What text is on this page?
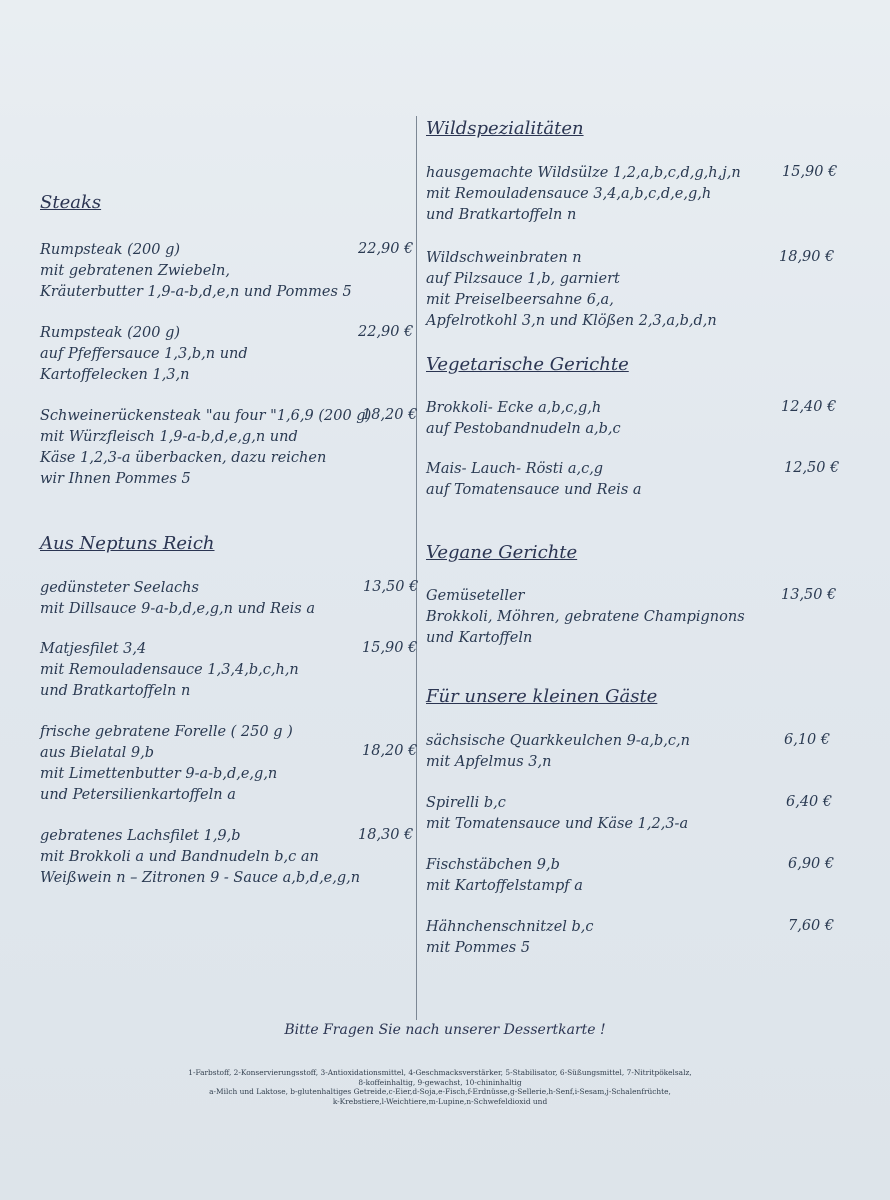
Steaks
Rumpsteak (200 g)
mit gebratenen Zwiebeln,
Kräuterbutter 1,9-a-b,d,e,n und Pommes 5
22,90 €
Rumpsteak (200 g)
auf Pfeffersauce 1,3,b,n und
Kartoffelecken 1,3,n
22,90 €
Schweinerückensteak "au four "1,6,9 (200 g)
mit Würzfleisch 1,9-a-b,d,e,g,n und
Käse 1,2,3-a überbacken, dazu reichen
wir Ihnen Pommes 5
18,20 €
Aus Neptuns Reich
gedünsteter Seelachs
mit Dillsauce 9-a-b,d,e,g,n und Reis a
13,50 €
Matjesfilet 3,4
mit Remouladensauce 1,3,4,b,c,h,n
und Bratkartoffeln n
15,90 €
frische gebratene Forelle ( 250 g )
aus Bielatal 9,b
mit Limettenbutter 9-a-b,d,e,g,n
und Petersilienkartoffeln a
18,20 €
gebratenes Lachsfilet 1,9,b
mit Brokkoli a und Bandnudeln b,c an
Weißwein n – Zitronen 9 - Sauce a,b,d,e,g,n
18,30 €
Wildspezialitäten
hausgemachte Wildsülze 1,2,a,b,c,d,g,h,j,n
mit Remouladensauce 3,4,a,b,c,d,e,g,h
und Bratkartoffeln n
15,90 €
Wildschweinbraten n
auf Pilzsauce 1,b, garniert
mit Preiselbeersahne 6,a,
Apfelrotkohl 3,n und Klößen 2,3,a,b,d,n
18,90 €
Vegetarische Gerichte
Brokkoli- Ecke a,b,c,g,h
auf Pestobandnudeln a,b,c
12,40 €
Mais- Lauch- Rösti a,c,g
auf Tomatensauce und Reis a
12,50 €
Vegane Gerichte
Gemüseteller
Brokkoli, Möhren, gebratene Champignons
und Kartoffeln
13,50 €
Für unsere kleinen Gäste
sächsische Quarkkeulchen 9-a,b,c,n
mit Apfelmus 3,n
6,10 €
Spirelli b,c
mit Tomatensauce und Käse 1,2,3-a
6,40 €
Fischstäbchen 9,b
mit Kartoffelstampf a
6,90 €
Hähnchenschnitzel b,c
mit Pommes 5
7,60 €
Bitte Fragen Sie nach unserer Dessertkarte !
1-Farbstoff, 2-Konservierungsstoff, 3-Antioxidationsmittel, 4-Geschmacksverstärker, 5-Stabilisator, 6-Süßungsmittel, 7-Nitritpökelsalz,
8-koffeinhaltig, 9-gewachst, 10-chininhaltig
a-Milch und Laktose, b-glutenhaltiges Getreide,c-Eier,d-Soja,e-Fisch,f-Erdnüsse,g-Sellerie,h-Senf,i-Sesam,j-Schalenfrüchte,
k-Krebstiere,l-Weichtiere,m-Lupine,n-Schwefeldioxid und
